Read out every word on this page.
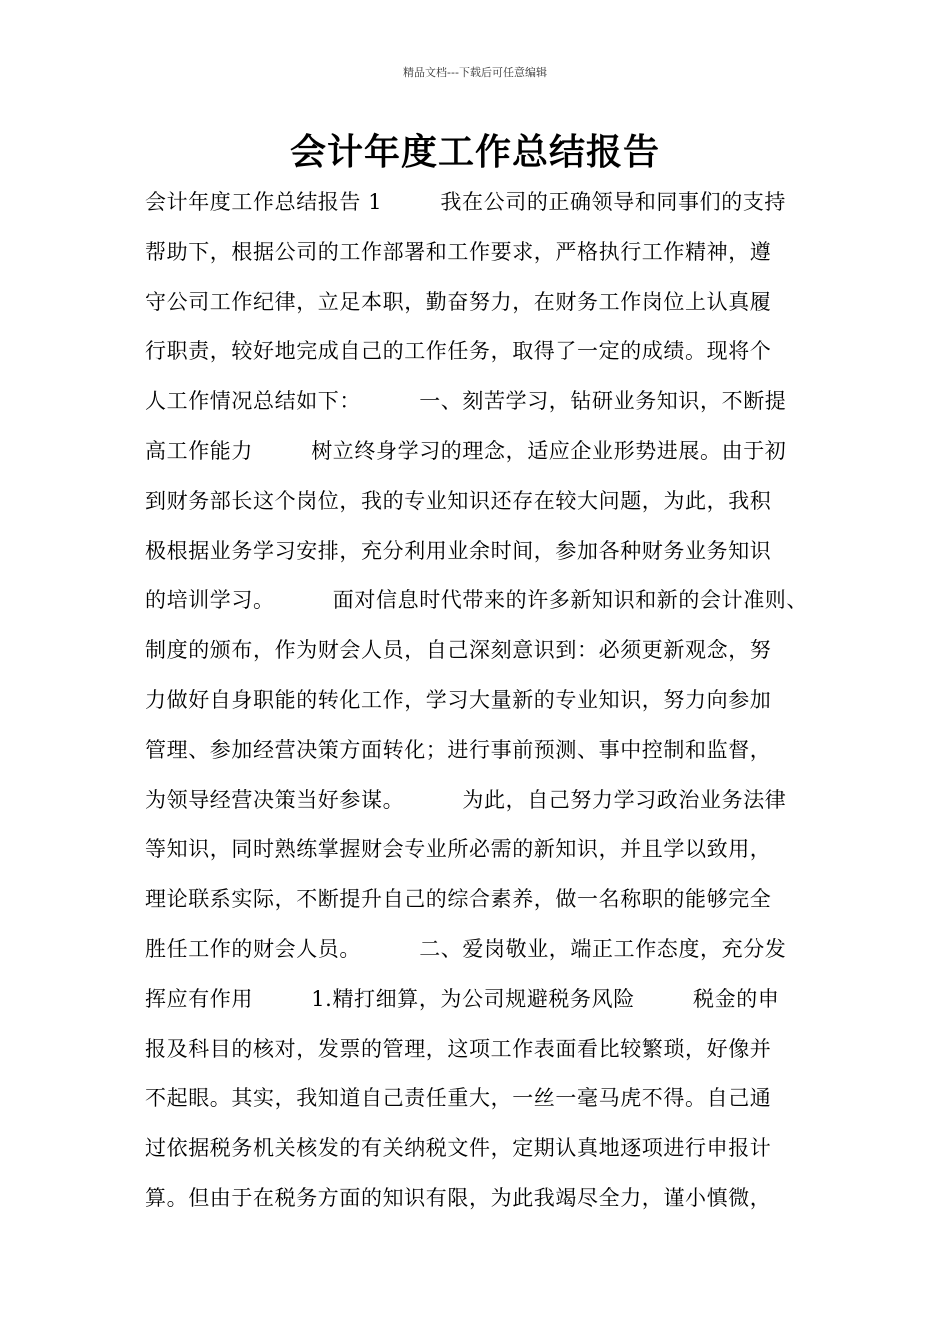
精品文档---下载后可任意编辑
会计年度工作总结报告
会计年度工作总结报告 1        我在公司的正确领导和同事们的支持
帮助下，根据公司的工作部署和工作要求，严格执行工作精神，遵
守公司工作纪律，立足本职，勤奋努力，在财务工作岗位上认真履
行职责，较好地完成自己的工作任务，取得了一定的成绩。现将个
人工作情况总结如下：        一、刻苦学习，钻研业务知识，不断提
高工作能力        树立终身学习的理念，适应企业形势进展。由于初
到财务部长这个岗位，我的专业知识还存在较大问题，为此，我积
极根据业务学习安排，充分利用业余时间，参加各种财务业务知识
的培训学习。        面对信息时代带来的许多新知识和新的会计准则、
制度的颁布，作为财会人员，自己深刻意识到：必须更新观念，努
力做好自身职能的转化工作，学习大量新的专业知识，努力向参加
管理、参加经营决策方面转化；进行事前预测、事中控制和监督，
为领导经营决策当好参谋。        为此，自己努力学习政治业务法律
等知识，同时熟练掌握财会专业所必需的新知识，并且学以致用，
理论联系实际，不断提升自己的综合素养，做一名称职的能够完全
胜任工作的财会人员。        二、爱岗敬业，端正工作态度，充分发
挥应有作用        1.精打细算，为公司规避税务风险        税金的申
报及科目的核对，发票的管理，这项工作表面看比较繁琐，好像并
不起眼。其实，我知道自己责任重大，一丝一毫马虎不得。自己通
过依据税务机关核发的有关纳税文件，定期认真地逐项进行申报计
算。但由于在税务方面的知识有限，为此我竭尽全力，谨小慎微，
